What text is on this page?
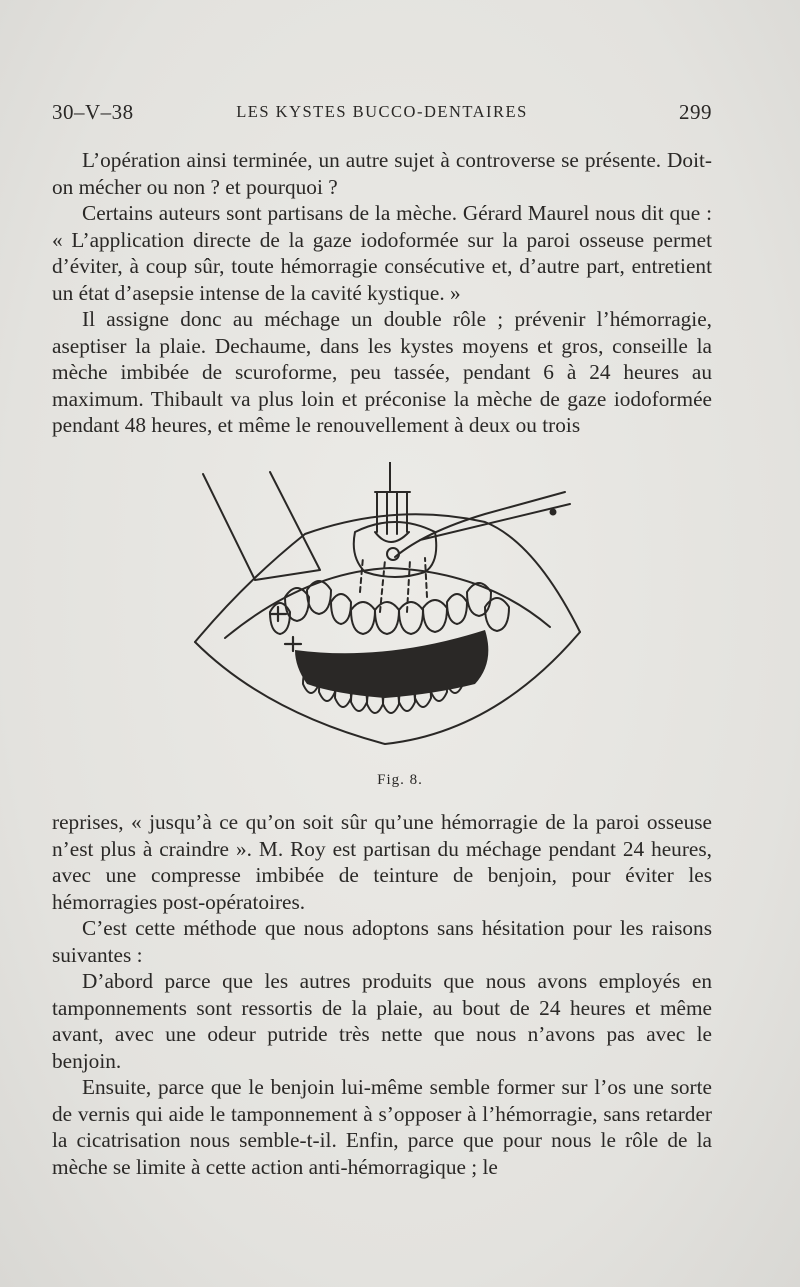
30–V–38	LES KYSTES BUCCO-DENTAIRES	299

L’opération ainsi terminée, un autre sujet à controverse se présente. Doit-on mécher ou non ? et pourquoi ?

Certains auteurs sont partisans de la mèche. Gérard Maurel nous dit que : « L’application directe de la gaze iodoformée sur la paroi osseuse permet d’éviter, à coup sûr, toute hémorragie consécutive et, d’autre part, entretient un état d’asepsie intense de la cavité kystique. »

Il assigne donc au méchage un double rôle ; prévenir l’hémorragie, aseptiser la plaie. Dechaume, dans les kystes moyens et gros, conseille la mèche imbibée de scuroforme, peu tassée, pendant 6 à 24 heures au maximum. Thibault va plus loin et préconise la mèche de gaze iodoformée pendant 48 heures, et même le renouvellement à deux ou trois

Fig. 8.

reprises, « jusqu’à ce qu’on soit sûr qu’une hémorragie de la paroi osseuse n’est plus à craindre ». M. Roy est partisan du méchage pendant 24 heures, avec une compresse imbibée de teinture de benjoin, pour éviter les hémorragies post-opératoires.

C’est cette méthode que nous adoptons sans hésitation pour les raisons suivantes :

D’abord parce que les autres produits que nous avons employés en tamponnements sont ressortis de la plaie, au bout de 24 heures et même avant, avec une odeur putride très nette que nous n’avons pas avec le benjoin.

Ensuite, parce que le benjoin lui-même semble former sur l’os une sorte de vernis qui aide le tamponnement à s’opposer à l’hémorragie, sans retarder la cicatrisation nous semble-t-il. Enfin, parce que pour nous le rôle de la mèche se limite à cette action anti-hémorragique ; le
